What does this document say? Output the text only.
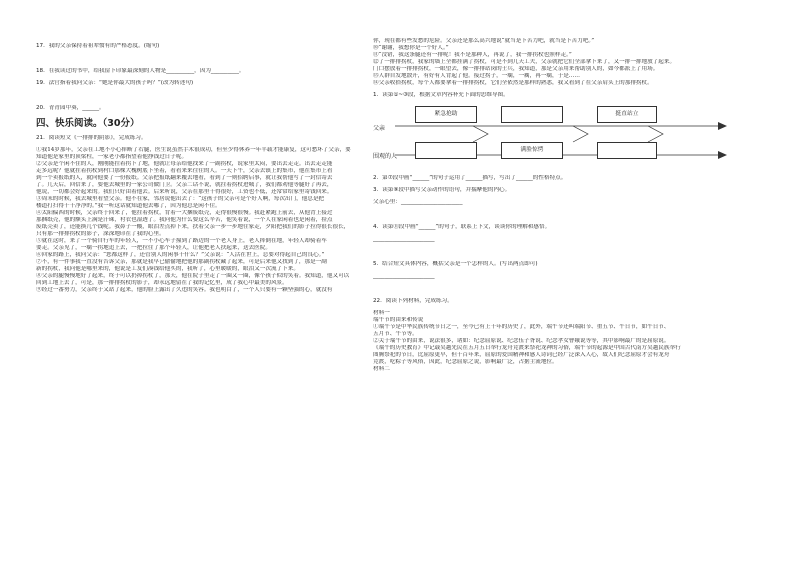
17．我的父亲保持着祖辈惯有的严格态度。(缩句)
18．在我读过的书中，给我留下印象最深刻的人物是__________，因为__________。
19．法官指着我问父亲：“她是你最大的孩子吗？”(改为转述句)
20．青青园中葵，______。
四、快乐阅读。（30分）
21．阅读短文《一排排的阴影》，完成练习。
①我14岁那年，父亲在工地不小心摔断了右腿，医生说虽然手术很成功，但至少得休养一年半载才能康复，这可愁坏了父亲，要
知道他是家里的顶梁柱，一家老小都指望着他挣钱过日子呢。
②父亲是个闲不住的人，刚刚能拄着拐下了地，他就让母亲给他找来了一副拐杖，说家里太闷，要出去走走。出去走走能
走多远呢？他就拄着拐杖到村口那棵大槐树底下坐着，看看来来往往的人。一天下午，父亲去镇上的集市，他在集市上看
到一个卖报纸的人，就向他要了一份报纸。父亲把报纸翻来覆去地看，看到了一则招聘启事，就让我帮他写了一封信寄去
了。几天后，回信来了，要他去城里的一家公司做门卫。父亲二话不说，就拄着拐杖进城了，我们都劝他等腿好了再去，
他说，一切都会好起来的。我们只好由着他去。后来听说，父亲在那里干得很好，工资也不低，还常常给家里寄钱回来。
③周末的时候，我去城里看望父亲。他不在家，邻居说他出去了：“这孩子的父亲可是个好人啊，每次出门，他总是把
楼道打扫得干干净净的。”我一听这话就知道他去哪了，因为他总是闲不住。
④太阳偏西的时候，父亲终于回来了，他拄着拐杖，背着一大捆废纸壳，走得很慢很慢。我赶紧跑上前去，从他背上接过
那捆纸壳，他的额头上满是汗珠，衬衣也湿透了。我问他为什么要这么辛苦，他笑着说，一个人在家闲着也是闲着，捡点
废纸壳卖了，还能换几个钱呢。我鼻子一酸，眼泪差点掉下来，扶着父亲一步一步地往家走，夕阳把我们的影子拉得很长很长，
只有那一排排拐杖的影子，深深地印在了我的心里。
⑤就在这时，来了一个骑自行车的年轻人，一不小心车子撞到了路边的一个老人身上，老人摔倒在地，年轻人却骑着车
要走。父亲见了，一瘸一拐地追上去，一把拉住了那个年轻人，让他把老人扶起来，送去医院。
⑥回家的路上，我问父亲：“您都这样了，还管别人的闲事干什么？”父亲说：“人活在世上，总要对得起自己的良心。”
⑦不，有一件事我一直没有告诉父亲，那就是我早已偷偷地把他的那副拐杖藏了起来，可是后来他又找到了，那是一副
新的拐杖，我问他是哪里来的，他说是工友们凑钱给他买的，我听了，心里暖暖的，眼泪又一次流了下来。
⑧父亲的腿慢慢地好了起来，终于可以扔掉拐杖了，那天，他在院子里走了一圈又一圈，像个孩子似的笑着。我知道，他又可以
回到工地上去了，可是，那一排排拐杖的影子，却永远地留在了我的记忆里，成了我心中最美的风景。
⑨经过一番努力，父亲终于又站了起来，他的脸上露出了久违的笑容。我也明白了，一个人只要有一颗坚强的心，就没有
你，现在都有些发愁的危险。父亲还是那么高兴地说“就当是下苦力吧，就当是下苦力吧。”
⑩“谢谢，我想你是一个好人。”
⑪“没错，我这条腿还有一排呢！我不是那种人，再说了，我一排拐杖也照样走。”
⑫了一排排拐杖，我家的墙上全都挂满了拐杖，可是不到几天工夫，父亲就把它们全部拿下来了，又一排一排地放了起来。
门口摆放着一排排拐杖，一眼望去，像一排排站岗的士兵，我知道，那是父亲用来帮助别人的，如今都派上了用场。
⑬人群自发地散开，有好有人背起了他。接过拐子，一瘸，一瘸，再一瘸，于是……
⑭父亲收拾拐杖，每个人都要拿着一排排拐杖，它们全依然是那样的熟悉，我又看到了在父亲肩头上的那排拐杖。
1．读第①~③段，根据文章内容补充下面的思维导图。
父亲
围观的人
紧急抢助	挺直站立
满脸惊愕
2．第⑦段中画“______”的句子运用了______描写，写出了______的性格特点。
3．读第⑨段中描写父亲动作的语句，并揣摩他的内心。
父亲心里：______________________
4．读第⑪段中画“______”的句子，联系上下文，谈谈你的理解和感悟。
______________________
5．结合短文具体内容，概括父亲是一个怎样的人。(写出两点即可)
______________________
22．阅读下列材料，完成练习。
材料一
端午节的由来和传说
①端午节是中华民族传统节日之一，至今已有上千年的历史了，此外，端午节还叫端阳节、重五节、午日节，如午日节、
五月节、午节等。
②关于端午节的由来，说法很多，诸如：纪念屈原说、纪念伍子胥说、纪念孝女曹娥说等等，其中影响最广的是屈原说。
《端午的历史教育》中记载吴越先民在五月五日举行龙舟竞渡来祭祀龙神的习俗，端午节的起源是中国古代南方吴越民族举行
图腾祭祀的节日，比屈原更早，但千百年来，屈原的爱国精神和感人诗词已经广泛深入人心，故人们纪念屈原才会有龙舟
竞渡，吃粽子等风俗，因此，纪念屈原之说，影响最广泛，占据主流地位。
材料二
